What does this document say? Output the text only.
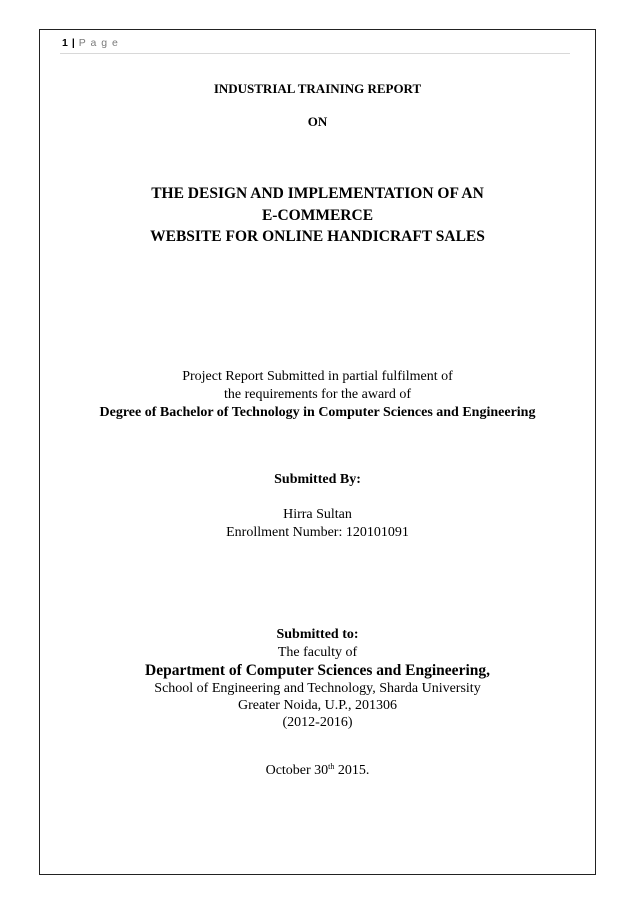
1 | P a g e
INDUSTRIAL TRAINING REPORT
ON
THE DESIGN AND IMPLEMENTATION OF AN
E-COMMERCE
WEBSITE FOR ONLINE HANDICRAFT SALES
Project Report Submitted in partial fulfilment of
the requirements for the award of
Degree of Bachelor of Technology in Computer Sciences and Engineering
Submitted By:
Hirra Sultan
Enrollment Number: 120101091
Submitted to:
The faculty of
Department of Computer Sciences and Engineering,
School of Engineering and Technology, Sharda University
Greater Noida, U.P., 201306
(2012-2016)
October 30th 2015.
